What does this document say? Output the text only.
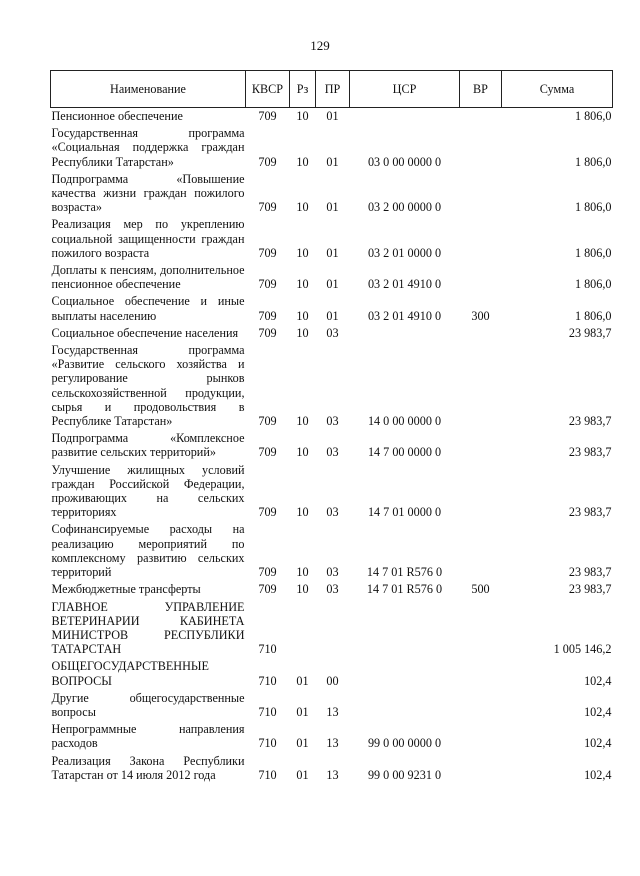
129
Наименование	КВСР	Рз	ПР	ЦСР	ВР	Сумма
Пенсионное обеспечение	709	10	01			1 806,0
Государственная программа «Социальная поддержка граждан Республики Татарстан»	709	10	01	03 0 00 0000 0		1 806,0
Подпрограмма «Повышение качества жизни граждан пожилого возраста»	709	10	01	03 2 00 0000 0		1 806,0
Реализация мер по укреплению социальной защищенности граждан пожилого возраста	709	10	01	03 2 01 0000 0		1 806,0
Доплаты к пенсиям, дополнительное пенсионное обеспечение	709	10	01	03 2 01 4910 0		1 806,0
Социальное обеспечение и иные выплаты населению	709	10	01	03 2 01 4910 0	300	1 806,0
Социальное обеспечение населения	709	10	03			23 983,7
Государственная программа «Развитие сельского хозяйства и регулирование рынков сельскохозяйственной продукции, сырья и продовольствия в Республике Татарстан»	709	10	03	14 0 00 0000 0		23 983,7
Подпрограмма «Комплексное развитие сельских территорий»	709	10	03	14 7 00 0000 0		23 983,7
Улучшение жилищных условий граждан Российской Федерации, проживающих на сельских территориях	709	10	03	14 7 01 0000 0		23 983,7
Софинансируемые расходы на реализацию мероприятий по комплексному развитию сельских территорий	709	10	03	14 7 01 R576 0		23 983,7
Межбюджетные трансферты	709	10	03	14 7 01 R576 0	500	23 983,7
ГЛАВНОЕ УПРАВЛЕНИЕ ВЕТЕРИНАРИИ КАБИНЕТА МИНИСТРОВ РЕСПУБЛИКИ ТАТАРСТАН	710					1 005 146,2
ОБЩЕГОСУДАРСТВЕННЫЕ ВОПРОСЫ	710	01	00			102,4
Другие общегосударственные вопросы	710	01	13			102,4
Непрограммные направления расходов	710	01	13	99 0 00 0000 0		102,4
Реализация Закона Республики Татарстан от 14 июля 2012 года	710	01	13	99 0 00 9231 0		102,4
